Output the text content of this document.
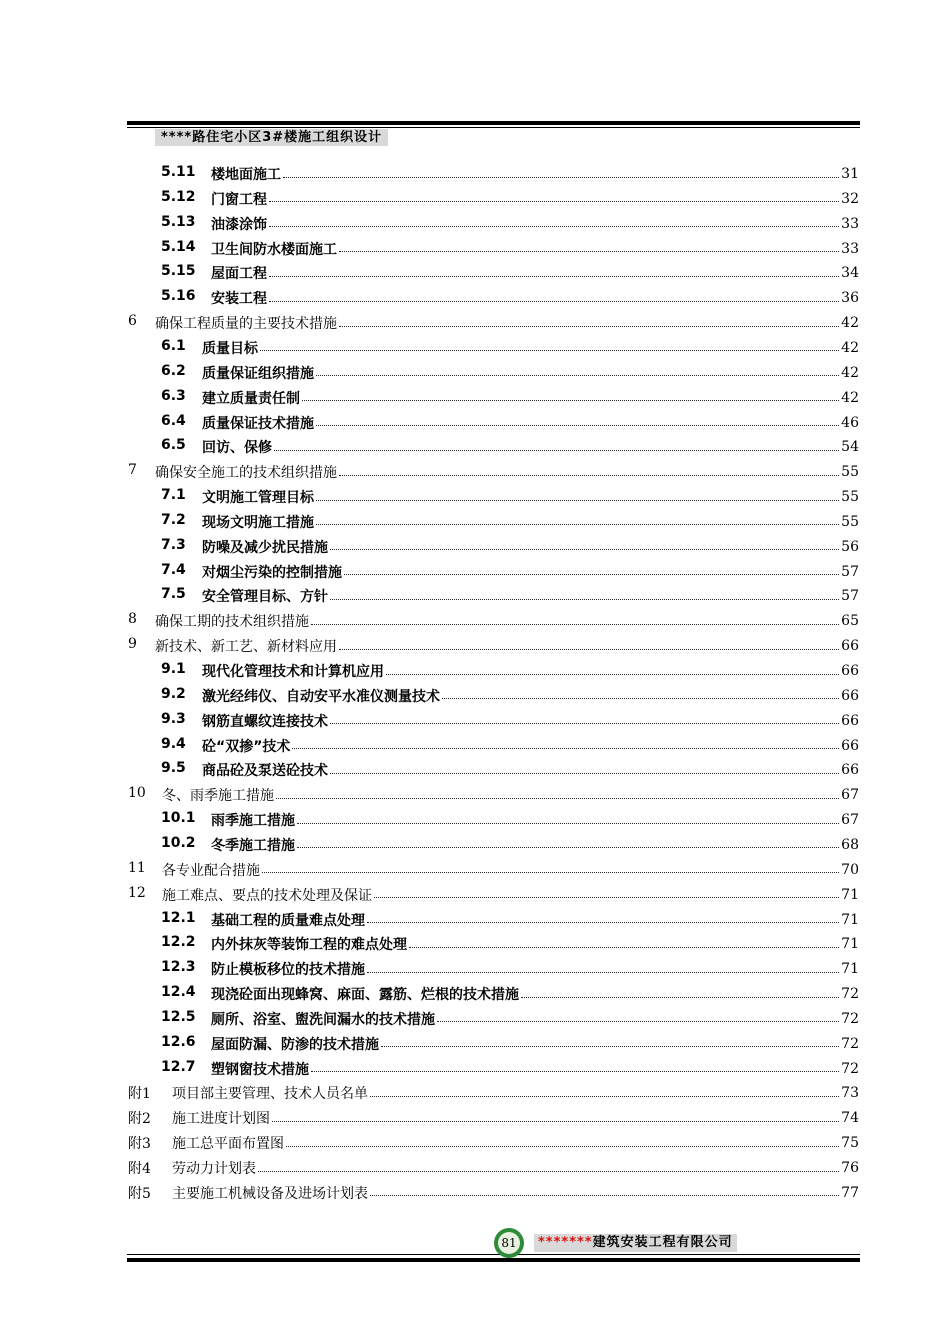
****路住宅小区3#楼施工组织设计
5.11	楼地面施工	31
5.12	门窗工程	32
5.13	油漆涂饰	33
5.14	卫生间防水楼面施工	33
5.15	屋面工程	34
5.16	安装工程	36
6	确保工程质量的主要技术措施	42
6.1	质量目标	42
6.2	质量保证组织措施	42
6.3	建立质量责任制	42
6.4	质量保证技术措施	46
6.5	回访、保修	54
7	确保安全施工的技术组织措施	55
7.1	文明施工管理目标	55
7.2	现场文明施工措施	55
7.3	防噪及减少扰民措施	56
7.4	对烟尘污染的控制措施	57
7.5	安全管理目标、方针	57
8	确保工期的技术组织措施	65
9	新技术、新工艺、新材料应用	66
9.1	现代化管理技术和计算机应用	66
9.2	激光经纬仪、自动安平水准仪测量技术	66
9.3	钢筋直螺纹连接技术	66
9.4	砼“双掺”技术	66
9.5	商品砼及泵送砼技术	66
10	冬、雨季施工措施	67
10.1	雨季施工措施	67
10.2	冬季施工措施	68
11	各专业配合措施	70
12	施工难点、要点的技术处理及保证	71
12.1	基础工程的质量难点处理	71
12.2	内外抹灰等装饰工程的难点处理	71
12.3	防止模板移位的技术措施	71
12.4	现浇砼面出现蜂窝、麻面、露筋、烂根的技术措施	72
12.5	厕所、浴室、盥洗间漏水的技术措施	72
12.6	屋面防漏、防渗的技术措施	72
12.7	塑钢窗技术措施	72
附1	项目部主要管理、技术人员名单	73
附2	施工进度计划图	74
附3	施工总平面布置图	75
附4	劳动力计划表	76
附5	主要施工机械设备及进场计划表	77
81	*******建筑安装工程有限公司
